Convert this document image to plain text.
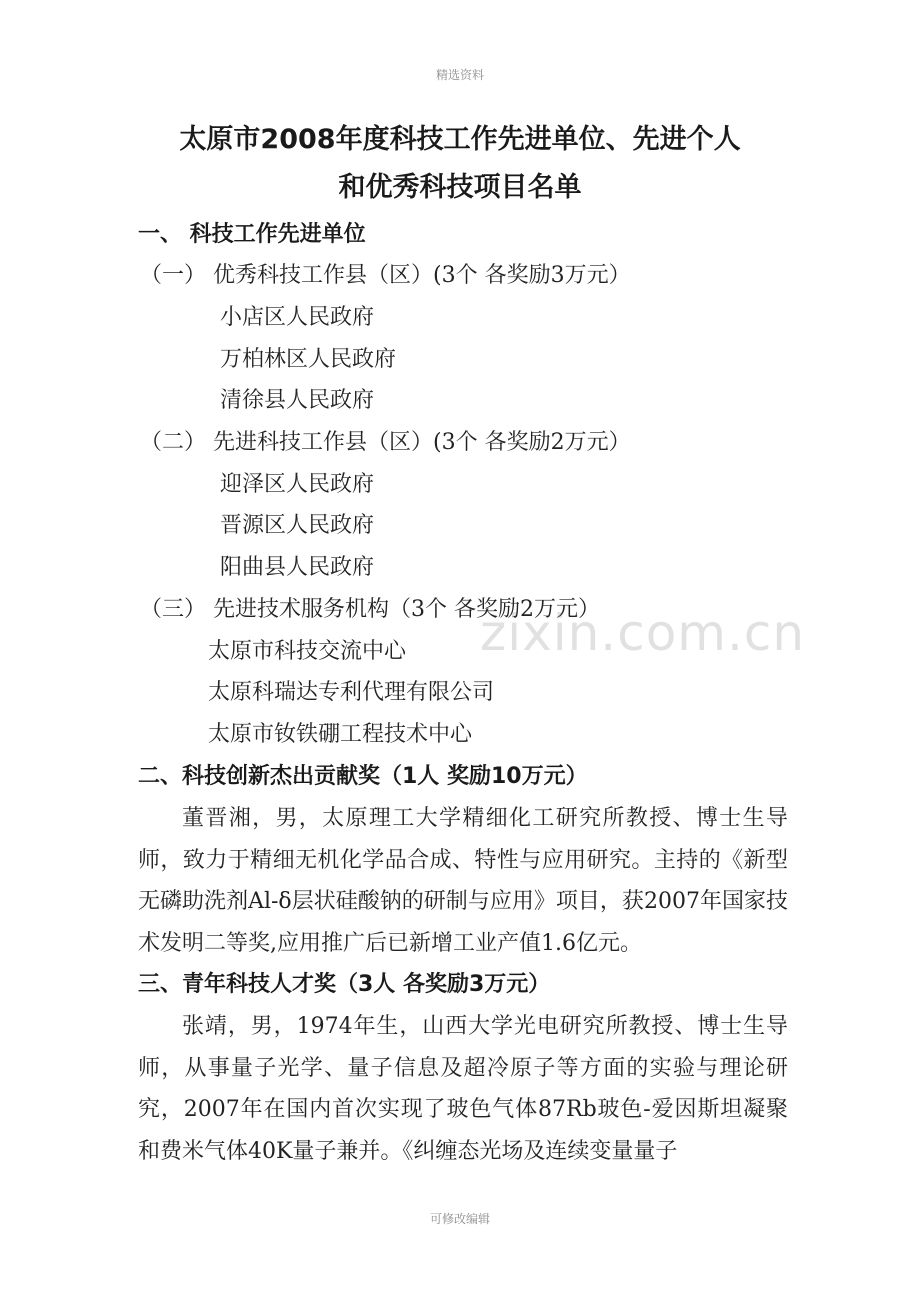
精选资料
zixin.com.cn
太原市2008年度科技工作先进单位、先进个人
和优秀科技项目名单
一、 科技工作先进单位
（一） 优秀科技工作县（区）(3个 各奖励3万元）
小店区人民政府
万柏林区人民政府
清徐县人民政府
（二） 先进科技工作县（区）(3个 各奖励2万元）
迎泽区人民政府
晋源区人民政府
阳曲县人民政府
（三） 先进技术服务机构（3个 各奖励2万元）
太原市科技交流中心
太原科瑞达专利代理有限公司
太原市钕铁硼工程技术中心
二、科技创新杰出贡献奖（1人 奖励10万元）
董晋湘，男，太原理工大学精细化工研究所教授、博士生导师，致力于精细无机化学品合成、特性与应用研究。主持的《新型无磷助洗剂Al-δ层状硅酸钠的研制与应用》项目，获2007年国家技术发明二等奖,应用推广后已新增工业产值1.6亿元。
三、青年科技人才奖（3人 各奖励3万元）
张靖，男，1974年生，山西大学光电研究所教授、博士生导师，从事量子光学、量子信息及超冷原子等方面的实验与理论研究，2007年在国内首次实现了玻色气体87Rb玻色-爱因斯坦凝聚和费米气体40K量子兼并。《纠缠态光场及连续变量量子
可修改编辑
